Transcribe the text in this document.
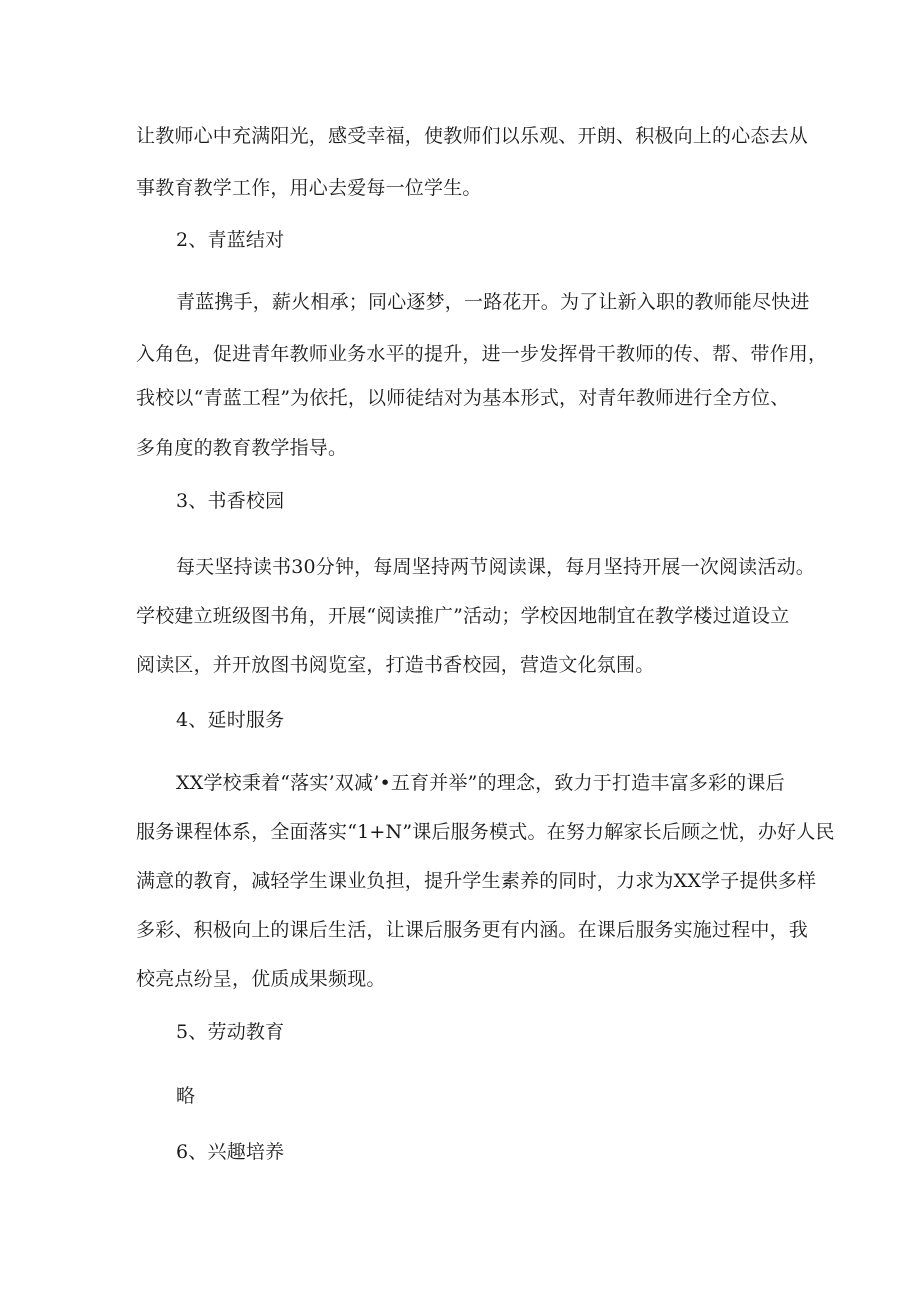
让教师心中充满阳光，感受幸福，使教师们以乐观、开朗、积极向上的心态去从
事教育教学工作，用心去爱每一位学生。
2、青蓝结对
青蓝携手，薪火相承；同心逐梦，一路花开。为了让新入职的教师能尽快进
入角色，促进青年教师业务水平的提升，进一步发挥骨干教师的传、帮、带作用，
我校以“青蓝工程”为依托，以师徒结对为基本形式，对青年教师进行全方位、
多角度的教育教学指导。
3、书香校园
每天坚持读书30分钟，每周坚持两节阅读课，每月坚持开展一次阅读活动。
学校建立班级图书角，开展“阅读推广”活动；学校因地制宜在教学楼过道设立
阅读区，并开放图书阅览室，打造书香校园，营造文化氛围。
4、延时服务
XX学校秉着“落实’双减’•五育并举”的理念，致力于打造丰富多彩的课后
服务课程体系，全面落实“1+N”课后服务模式。在努力解家长后顾之忧，办好人民
满意的教育，减轻学生课业负担，提升学生素养的同时，力求为XX学子提供多样
多彩、积极向上的课后生活，让课后服务更有内涵。在课后服务实施过程中，我
校亮点纷呈，优质成果频现。
5、劳动教育
略
6、兴趣培养
